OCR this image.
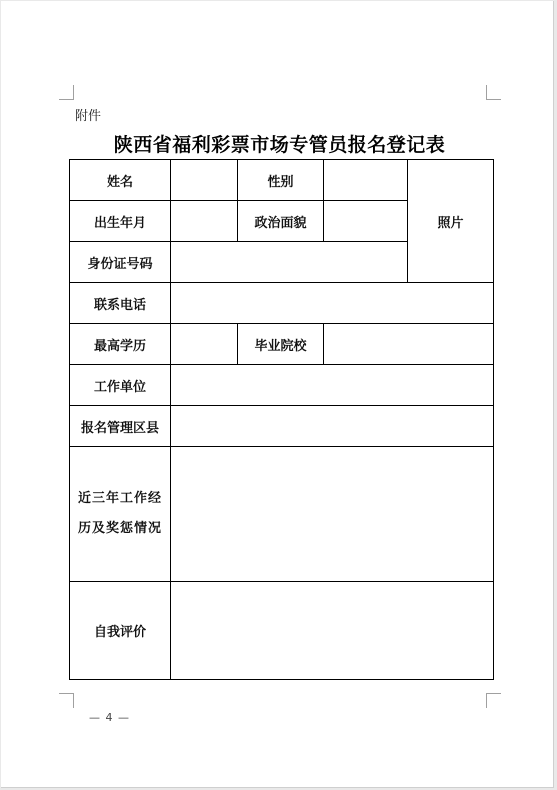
附件
陕西省福利彩票市场专管员报名登记表
姓名		性别		照片
出生年月		政治面貌		
身份证号码				
联系电话				
最高学历		毕业院校		
工作单位				
报名管理区县				
近三年工作经
历及奖惩情况				
自我评价				
— 4 —
